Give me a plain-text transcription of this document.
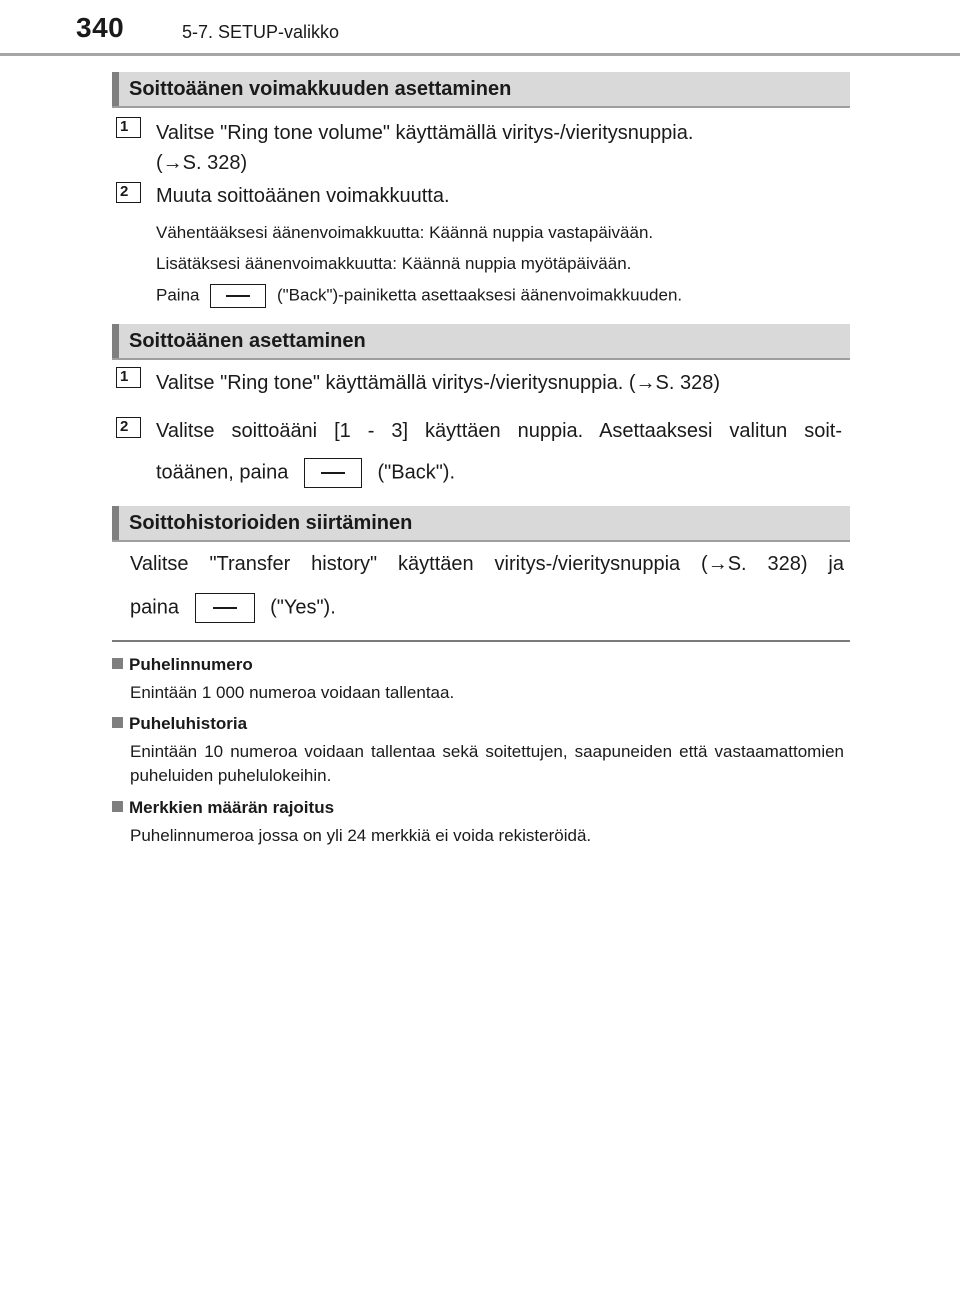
340	5-7. SETUP-valikko
Soittoäänen voimakkuuden asettaminen
1 Valitse "Ring tone volume" käyttämällä viritys-/vieritysnuppia.
(→S. 328)
2 Muuta soittoäänen voimakkuutta.
Vähentääksesi äänenvoimakkuutta: Käännä nuppia vastapäivään.
Lisätäksesi äänenvoimakkuutta: Käännä nuppia myötäpäivään.
Paina	("Back")-painiketta asettaaksesi äänenvoimakkuuden.
Soittoäänen asettaminen
1 Valitse "Ring tone" käyttämällä viritys-/vieritysnuppia. (→S. 328)
2 Valitse soittoääni [1 - 3] käyttäen nuppia. Asettaaksesi valitun soit-
toäänen, paina	("Back").
Soittohistorioiden siirtäminen
Valitse "Transfer history" käyttäen viritys-/vieritysnuppia (→S. 328) ja
paina	("Yes").
Puhelinnumero
Enintään 1 000 numeroa voidaan tallentaa.
Puheluhistoria
Enintään 10 numeroa voidaan tallentaa sekä soitettujen, saapuneiden että vastaamattomien puheluiden puhelulokeihin.
Merkkien määrän rajoitus
Puhelinnumeroa jossa on yli 24 merkkiä ei voida rekisteröidä.
